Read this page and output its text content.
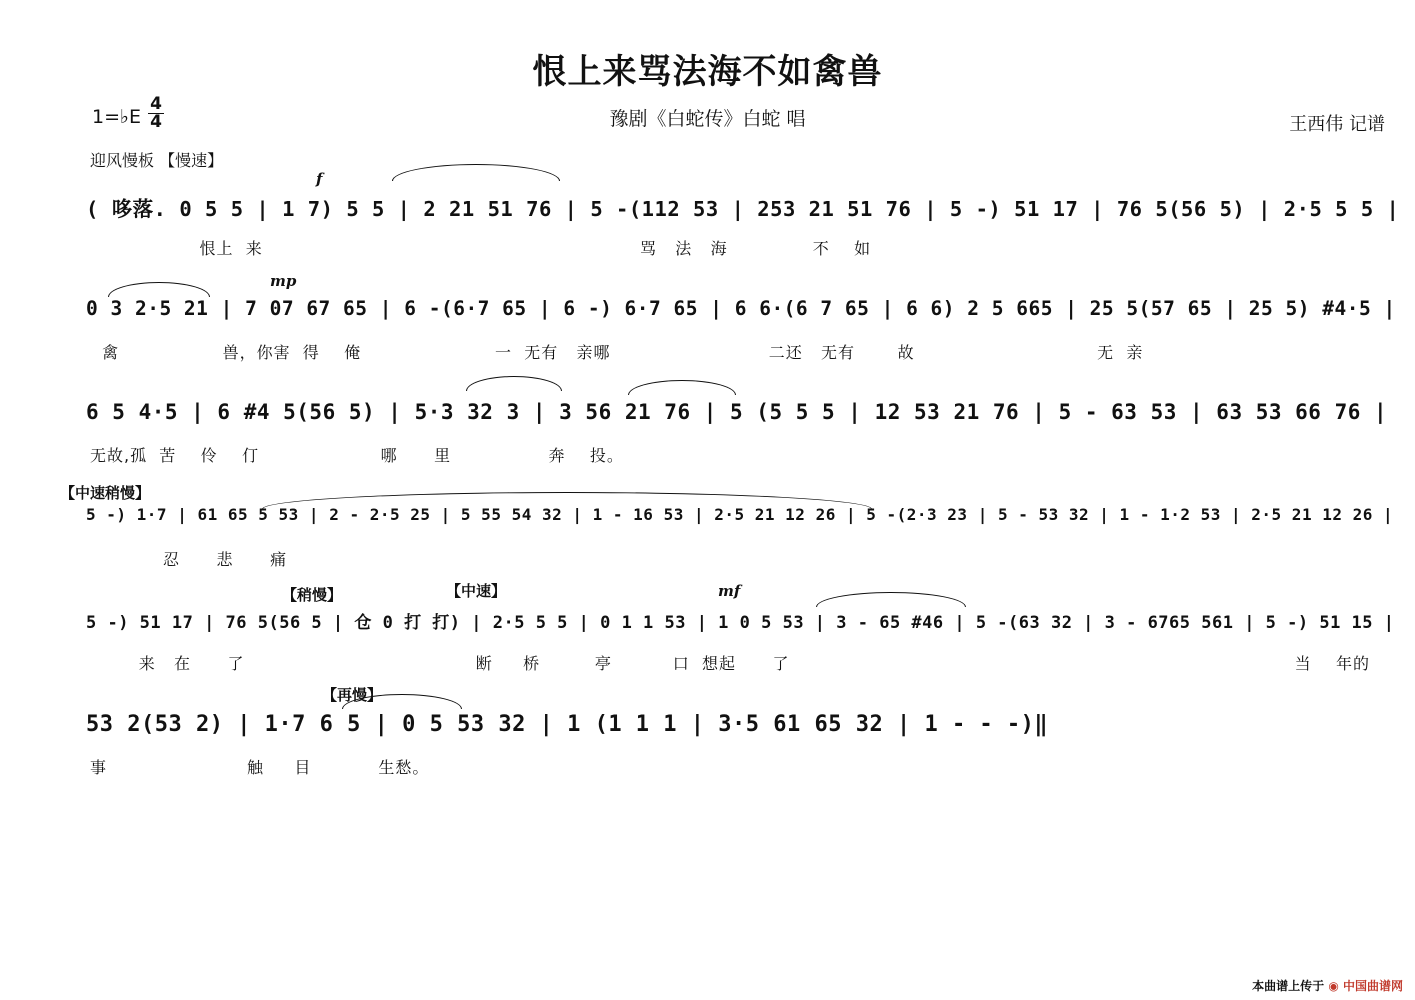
恨上来骂法海不如禽兽
豫剧《白蛇传》白蛇 唱	王西伟 记谱
1=♭E
4
4
迎风慢板 【慢速】
f
mp
mf
【中速稍慢】
【稍慢】	【中速】
【再慢】
( 哆落. 0 5 5 | 1 7) 5 5 | 2 21 51 76 | 5 -(112 53 | 253 21 51 76 | 5 -) 51 17 | 76 5(56 5) | 2·5 5 5 |
恨上  来                                                              骂   法   海              不    如
0 3 2·5 21 | 7 07 67 65 | 6 -(6·7 65 | 6 -) 6·7 65 | 6 6·(6 7 65 | 6 6) 2 5 665 | 25 5(57 65 | 25 5) #4·5 |
禽                 兽，你害  得    俺                      一  无有   亲哪                          二还   无有       故                              无  亲
6 5 4·5 | 6 #4 5(56 5) | 5·3 32 3 | 3 56 21 76 | 5 (5 5 5 | 12 53 21 76 | 5 - 63 53 | 63 53 66 76 |
无故,孤  苦    伶    仃                    哪      里                奔    投。
5 -) 1·7 | 61 65 5 53 | 2 - 2·5 25 | 5 55 54 32 | 1 - 16 53 | 2·5 21 12 26 | 5 -(2·3 23 | 5 - 53 32 | 1 - 1·2 53 | 2·5 21 12 26 |
忍      悲      痛
5 -) 51 17 | 76 5(56 5 | 仓 0 打 打) | 2·5 5 5 | 0 1 1 53 | 1 0 5 53 | 3 - 65 #46 | 5 -(63 32 | 3 - 6765 561 | 5 -) 51 15 |
来   在      了                                      断     桥         亭          口  想起      了                                                                                   当    年的
53 2(53 2) | 1·7 6 5 | 0 5 53 32 | 1 (1 1 1 | 3·5 61 65 32 | 1 - - -)‖
事                       触     目           生愁。
本曲谱上传于 ◉ 中国曲谱网
